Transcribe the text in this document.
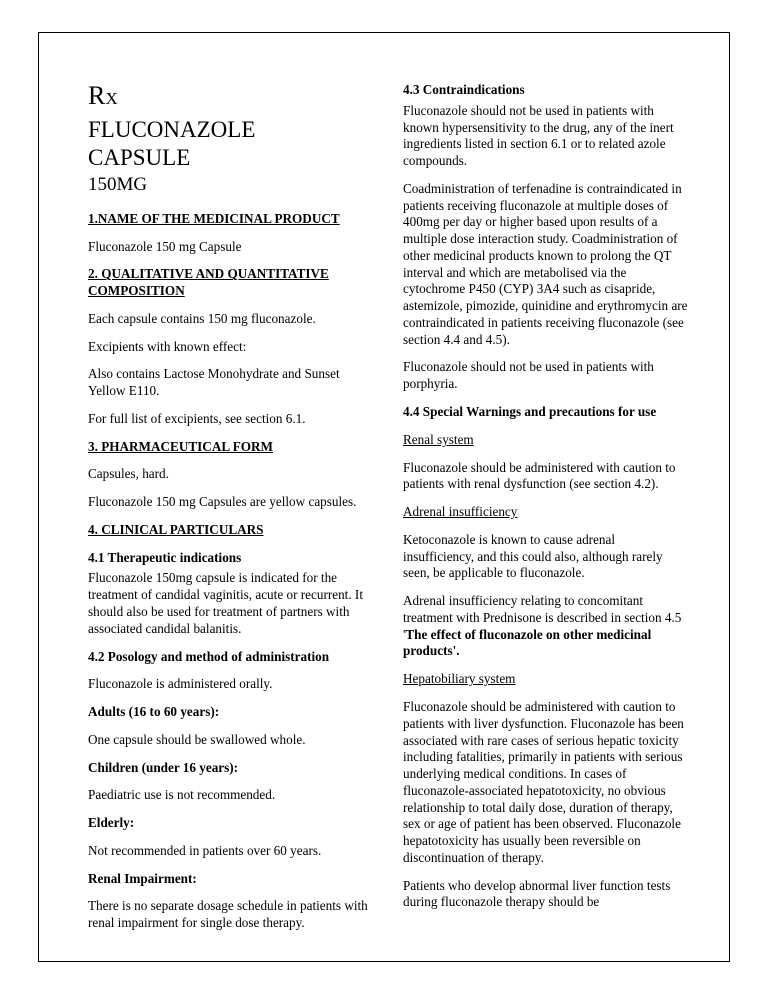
RX
FLUCONAZOLE
CAPSULE
150MG
1.NAME OF THE MEDICINAL PRODUCT

Fluconazole 150 mg Capsule

2. QUALITATIVE AND QUANTITATIVE COMPOSITION

Each capsule contains 150 mg fluconazole.

Excipients with known effect:

Also contains Lactose Monohydrate and Sunset Yellow E110.

For full list of excipients, see section 6.1.

3. PHARMACEUTICAL FORM

Capsules, hard.

Fluconazole 150 mg Capsules are yellow capsules.

4. CLINICAL PARTICULARS
4.1 Therapeutic indications

Fluconazole 150mg capsule is indicated for the treatment of candidal vaginitis, acute or recurrent. It should also be used for treatment of partners with associated candidal balanitis.

4.2 Posology and method of administration

Fluconazole is administered orally.

Adults (16 to 60 years):

One capsule should be swallowed whole.

Children (under 16 years):

Paediatric use is not recommended.

Elderly:

Not recommended in patients over 60 years.

Renal Impairment:

There is no separate dosage schedule in patients with renal impairment for single dose therapy.

4.3 Contraindications

Fluconazole should not be used in patients with known hypersensitivity to the drug, any of the inert ingredients listed in section 6.1 or to related azole compounds.

Coadministration of terfenadine is contraindicated in patients receiving fluconazole at multiple doses of 400mg per day or higher based upon results of a multiple dose interaction study. Coadministration of other medicinal products known to prolong the QT interval and which are metabolised via the cytochrome P450 (CYP) 3A4 such as cisapride, astemizole, pimozide, quinidine and erythromycin are contraindicated in patients receiving fluconazole (see section 4.4 and 4.5).

Fluconazole should not be used in patients with porphyria.

4.4 Special Warnings and precautions for use
Renal system

Fluconazole should be administered with caution to patients with renal dysfunction (see section 4.2).

Adrenal insufficiency

Ketoconazole is known to cause adrenal insufficiency, and this could also, although rarely seen, be applicable to fluconazole.

Adrenal insufficiency relating to concomitant treatment with Prednisone is described in section 4.5 'The effect of fluconazole on other medicinal products'.

Hepatobiliary system

Fluconazole should be administered with caution to patients with liver dysfunction. Fluconazole has been associated with rare cases of serious hepatic toxicity including fatalities, primarily in patients with serious underlying medical conditions. In cases of fluconazole-associated hepatotoxicity, no obvious relationship to total daily dose, duration of therapy, sex or age of patient has been observed. Fluconazole hepatotoxicity has usually been reversible on discontinuation of therapy.

Patients who develop abnormal liver function tests during fluconazole therapy should be
